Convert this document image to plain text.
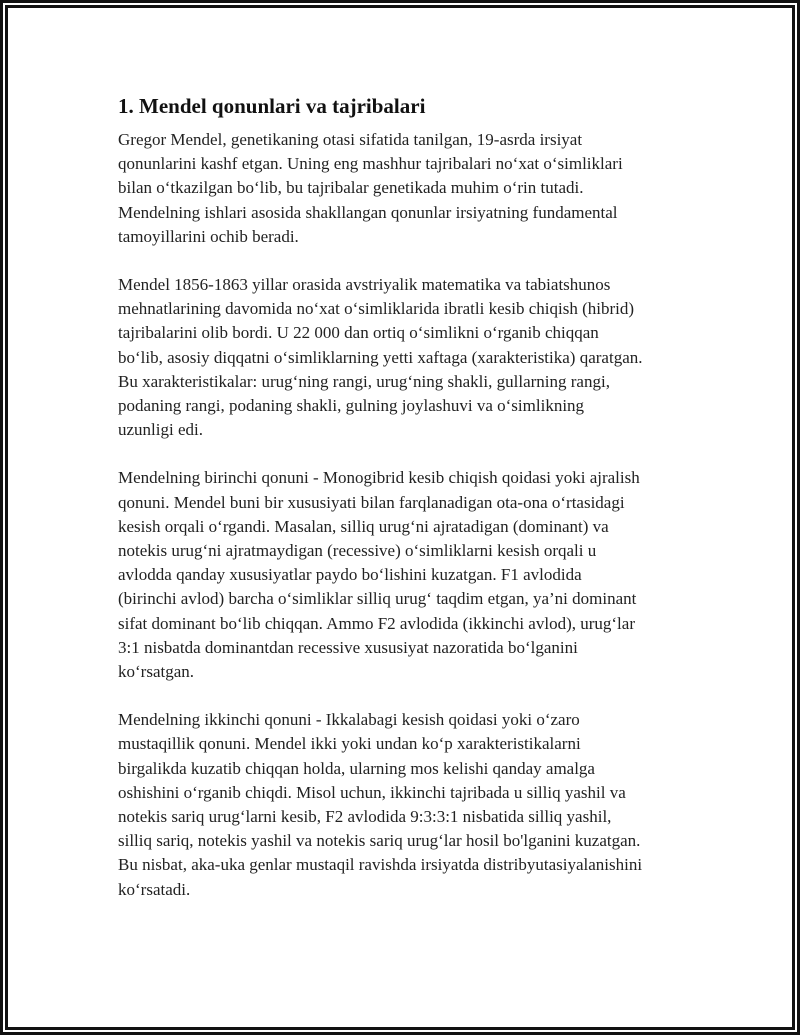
1. Mendel qonunlari va tajribalari

Gregor Mendel, genetikaning otasi sifatida tanilgan, 19-asrda irsiyat
qonunlarini kashf etgan. Uning eng mashhur tajribalari no‘xat o‘simliklari
bilan o‘tkazilgan bo‘lib, bu tajribalar genetikada muhim o‘rin tutadi.
Mendelning ishlari asosida shakllangan qonunlar irsiyatning fundamental
tamoyillarini ochib beradi.

Mendel 1856-1863 yillar orasida avstriyalik matematika va tabiatshunos
mehnatlarining davomida no‘xat o‘simliklarida ibratli kesib chiqish (hibrid)
tajribalarini olib bordi. U 22 000 dan ortiq o‘simlikni o‘rganib chiqqan
bo‘lib, asosiy diqqatni o‘simliklarning yetti xaftaga (xarakteristika) qaratgan.
Bu xarakteristikalar: urug‘ning rangi, urug‘ning shakli, gullarning rangi,
podaning rangi, podaning shakli, gulning joylashuvi va o‘simlikning
uzunligi edi.

Mendelning birinchi qonuni - Monogibrid kesib chiqish qoidasi yoki ajralish
qonuni. Mendel buni bir xususiyati bilan farqlanadigan ota-ona o‘rtasidagi
kesish orqali o‘rgandi. Masalan, silliq urug‘ni ajratadigan (dominant) va
notekis urug‘ni ajratmaydigan (recessive) o‘simliklarni kesish orqali u
avlodda qanday xususiyatlar paydo bo‘lishini kuzatgan. F1 avlodida
(birinchi avlod) barcha o‘simliklar silliq urug‘ taqdim etgan, ya’ni dominant
sifat dominant bo‘lib chiqqan. Ammo F2 avlodida (ikkinchi avlod), urug‘lar
3:1 nisbatda dominantdan recessive xususiyat nazoratida bo‘lganini
ko‘rsatgan.

Mendelning ikkinchi qonuni - Ikkalabagi kesish qoidasi yoki o‘zaro
mustaqillik qonuni. Mendel ikki yoki undan ko‘p xarakteristikalarni
birgalikda kuzatib chiqqan holda, ularning mos kelishi qanday amalga
oshishini o‘rganib chiqdi. Misol uchun, ikkinchi tajribada u silliq yashil va
notekis sariq urug‘larni kesib, F2 avlodida 9:3:3:1 nisbatida silliq yashil,
silliq sariq, notekis yashil va notekis sariq urug‘lar hosil bo'lganini kuzatgan.
Bu nisbat, aka-uka genlar mustaqil ravishda irsiyatda distribyutasiyalanishini
ko‘rsatadi.
